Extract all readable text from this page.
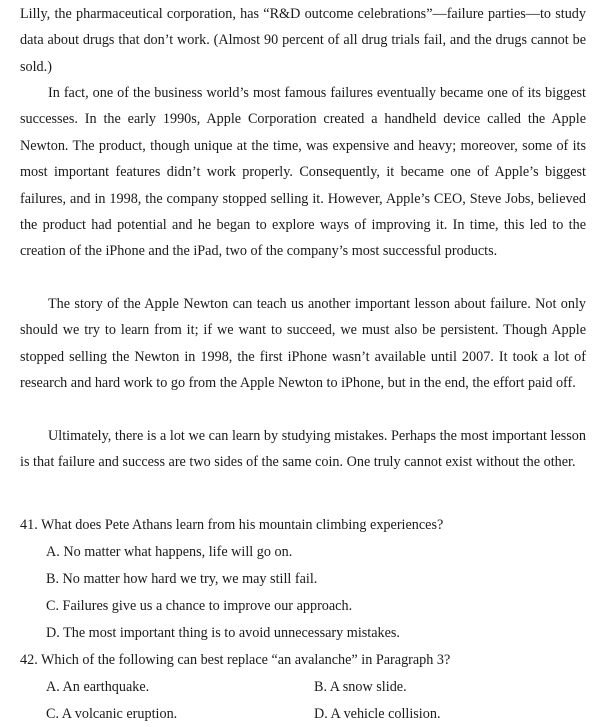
Lilly, the pharmaceutical corporation, has “R&D outcome celebrations”—failure parties—to study data about drugs that don’t work. (Almost 90 percent of all drug trials fail, and the drugs cannot be sold.)

In fact, one of the business world’s most famous failures eventually became one of its biggest successes. In the early 1990s, Apple Corporation created a handheld device called the Apple Newton. The product, though unique at the time, was expensive and heavy; moreover, some of its most important features didn’t work properly. Consequently, it became one of Apple’s biggest failures, and in 1998, the company stopped selling it. However, Apple’s CEO, Steve Jobs, believed the product had potential and he began to explore ways of improving it. In time, this led to the creation of the iPhone and the iPad, two of the company’s most successful products.

The story of the Apple Newton can teach us another important lesson about failure. Not only should we try to learn from it; if we want to succeed, we must also be persistent. Though Apple stopped selling the Newton in 1998, the first iPhone wasn’t available until 2007. It took a lot of research and hard work to go from the Apple Newton to iPhone, but in the end, the effort paid off.

Ultimately, there is a lot we can learn by studying mistakes. Perhaps the most important lesson is that failure and success are two sides of the same coin. One truly cannot exist without the other.

41. What does Pete Athans learn from his mountain climbing experiences?
A. No matter what happens, life will go on.
B. No matter how hard we try, we may still fail.
C. Failures give us a chance to improve our approach.
D. The most important thing is to avoid unnecessary mistakes.
42. Which of the following can best replace “an avalanche” in Paragraph 3?
A. An earthquake.	B. A snow slide.
C. A volcanic eruption.	D. A vehicle collision.
